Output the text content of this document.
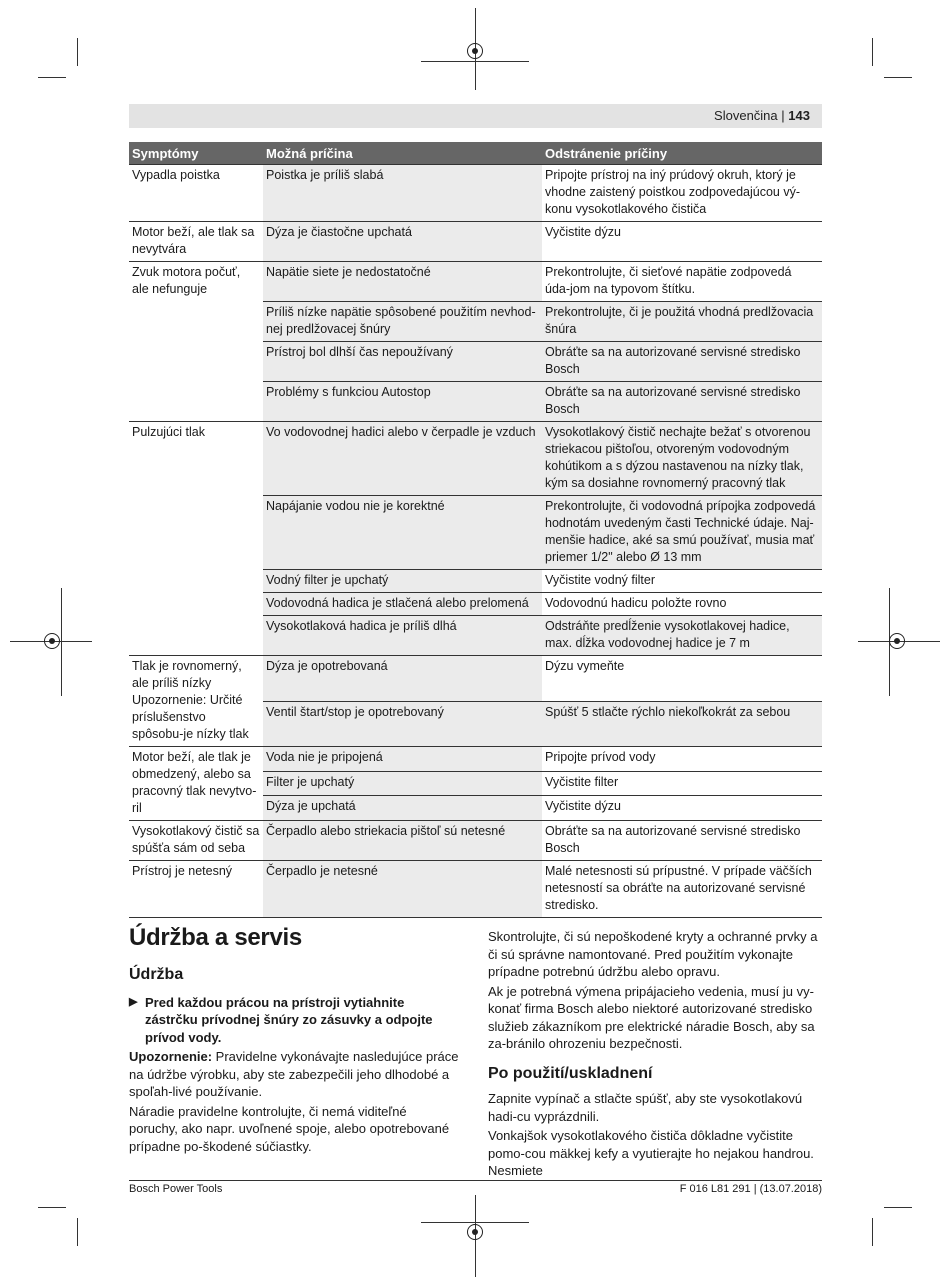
Slovenčina | 143
Symptómy	Možná príčina	Odstránenie príčiny
Vypadla poistka	Poistka je príliš slabá	Pripojte prístroj na iný prúdový okruh, ktorý je vhodne zaistený poistkou zodpovedajúcou vý-konu vysokotlakového čističa
Motor beží, ale tlak sa nevytvára	Dýza je čiastočne upchatá	Vyčistite dýzu
Zvuk motora počuť, ale nefunguje	Napätie siete je nedostatočné	Prekontrolujte, či sieťové napätie zodpovedá úda-jom na typovom štítku.
	Príliš nízke napätie spôsobené použitím nevhod-nej predlžovacej šnúry	Prekontrolujte, či je použitá vhodná predlžovacia šnúra
	Prístroj bol dlhší čas nepoužívaný	Obráťte sa na autorizované servisné stredisko Bosch
	Problémy s funkciou Autostop	Obráťte sa na autorizované servisné stredisko Bosch
Pulzujúci tlak	Vo vodovodnej hadici alebo v čerpadle je vzduch	Vysokotlakový čistič nechajte bežať s otvorenou striekacou pištoľou, otvoreným vodovodným kohútikom a s dýzou nastavenou na nízky tlak, kým sa dosiahne rovnomerný pracovný tlak
	Napájanie vodou nie je korektné	Prekontrolujte, či vodovodná prípojka zodpovedá hodnotám uvedeným časti Technické údaje. Naj-menšie hadice, aké sa smú používať, musia mať priemer 1/2" alebo Ø 13 mm
	Vodný filter je upchatý	Vyčistite vodný filter
	Vodovodná hadica je stlačená alebo prelomená	Vodovodnú hadicu položte rovno
	Vysokotlaková hadica je príliš dlhá	Odstráňte predĺženie vysokotlakovej hadice, max. dĺžka vodovodnej hadice je 7 m
Tlak je rovnomerný, ale príliš nízky Upozornenie: Určité príslušenstvo spôsobu-je nízky tlak	Dýza je opotrebovaná	Dýzu vymeňte
	Ventil štart/stop je opotrebovaný	Spúšť 5 stlačte rýchlo niekoľkokrát za sebou
Motor beží, ale tlak je obmedzený, alebo sa pracovný tlak nevytvo-ril	Voda nie je pripojená	Pripojte prívod vody
	Filter je upchatý	Vyčistite filter
	Dýza je upchatá	Vyčistite dýzu
Vysokotlakový čistič sa spúšťa sám od seba	Čerpadlo alebo striekacia pištoľ sú netesné	Obráťte sa na autorizované servisné stredisko Bosch
Prístroj je netesný	Čerpadlo je netesné	Malé netesnosti sú prípustné. V prípade väčších netesností sa obráťte na autorizované servisné stredisko.
Údržba a servis
Údržba

▶ Pred každou prácou na prístroji vytiahnite zástrčku prívodnej šnúry zo zásuvky a odpojte prívod vody.

Upozornenie: Pravidelne vykonávajte nasledujúce práce na údržbe výrobku, aby ste zabezpečili jeho dlhodobé a spoľah-livé používanie.

Náradie pravidelne kontrolujte, či nemá viditeľné poruchy, ako napr. uvoľnené spoje, alebo opotrebované prípadne po-škodené súčiastky.

Skontrolujte, či sú nepoškodené kryty a ochranné prvky a či sú správne namontované. Pred použitím vykonajte prípadne potrebnú údržbu alebo opravu.

Ak je potrebná výmena pripájacieho vedenia, musí ju vy-konať firma Bosch alebo niektoré autorizované stredisko služieb zákazníkom pre elektrické náradie Bosch, aby sa za-bránilo ohrozeniu bezpečnosti.

Po použití/uskladnení

Zapnite vypínač a stlačte spúšť, aby ste vysokotlakovú hadi-cu vyprázdnili.

Vonkajšok vysokotlakového čističa dôkladne vyčistite pomo-cou mäkkej kefy a vyutierajte ho nejakou handrou. Nesmiete

Bosch Power Tools	F 016 L81 291 | (13.07.2018)
